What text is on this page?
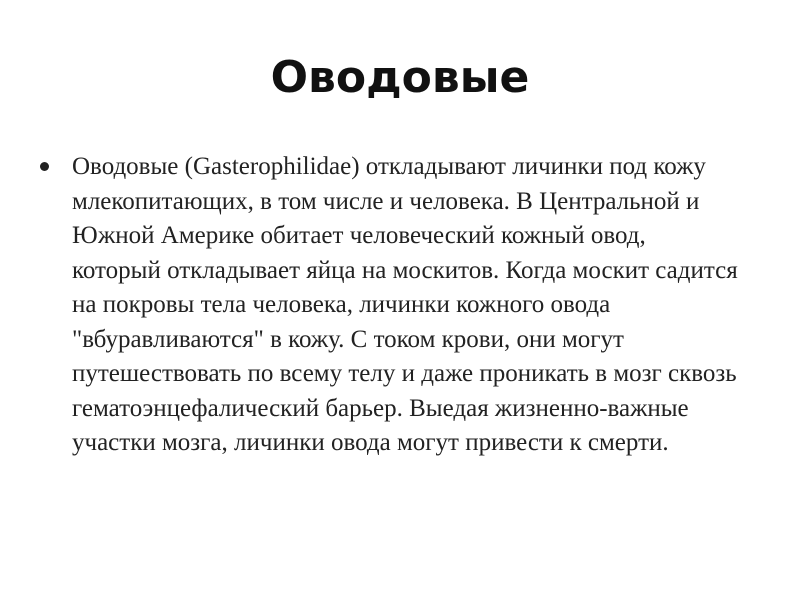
Оводовые
Оводовые (Gasterophilidae) откладывают личинки под кожу млекопитающих, в том числе и человека. В Центральной и Южной Америке обитает человеческий кожный овод, который откладывает яйца на москитов. Когда москит садится на покровы тела человека, личинки кожного овода "вбуравливаются" в кожу. С током крови, они могут путешествовать по всему телу и даже проникать в мозг сквозь гематоэнцефалический барьер. Выедая жизненно-важные участки мозга, личинки овода могут привести к смерти.
